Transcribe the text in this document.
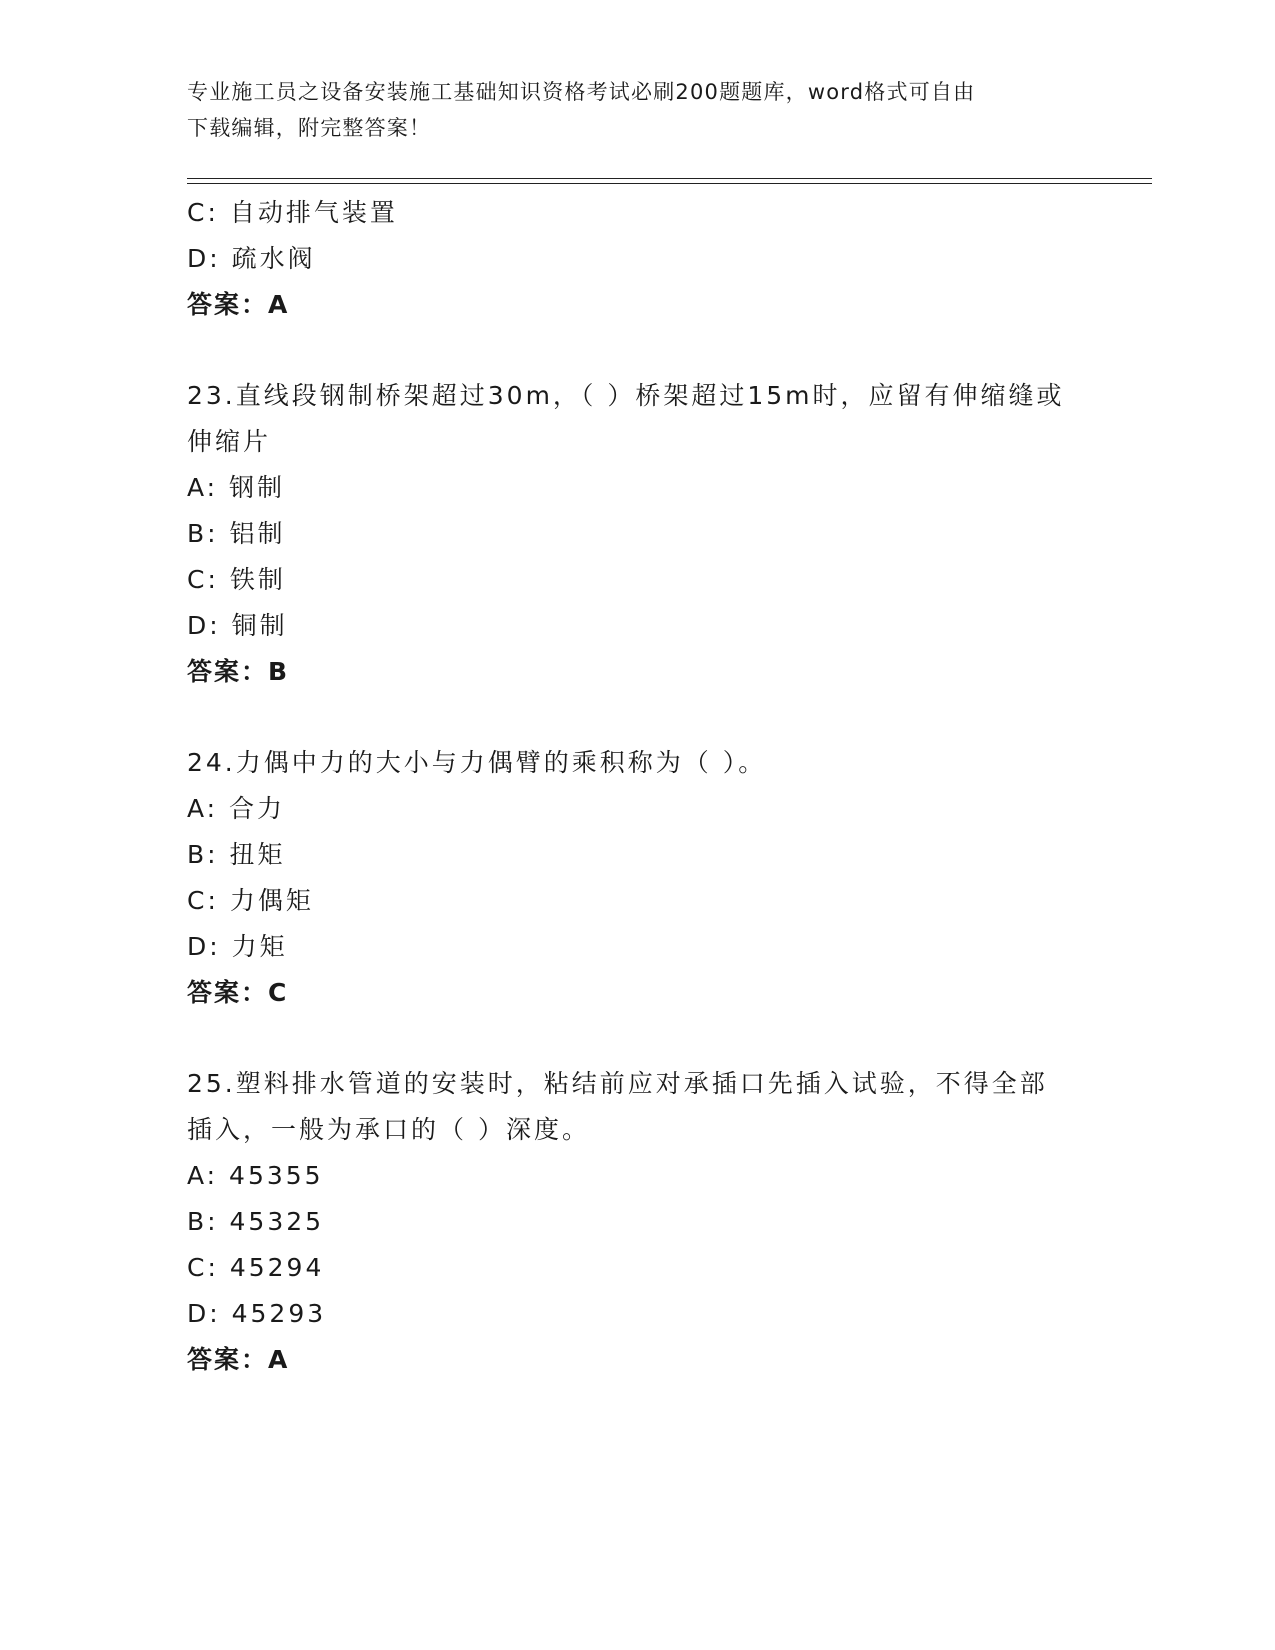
专业施工员之设备安装施工基础知识资格考试必刷200题题库，word格式可自由
下载编辑，附完整答案！
C: 自动排气装置
D: 疏水阀
答案：A
23.直线段钢制桥架超过30m，（ ）桥架超过15m时，应留有伸缩缝或
伸缩片
A: 钢制
B: 铝制
C: 铁制
D: 铜制
答案：B
24.力偶中力的大小与力偶臂的乘积称为（ ）。
A: 合力
B: 扭矩
C: 力偶矩
D: 力矩
答案：C
25.塑料排水管道的安装时，粘结前应对承插口先插入试验，不得全部
插入，一般为承口的（ ）深度。
A: 45355
B: 45325
C: 45294
D: 45293
答案：A
